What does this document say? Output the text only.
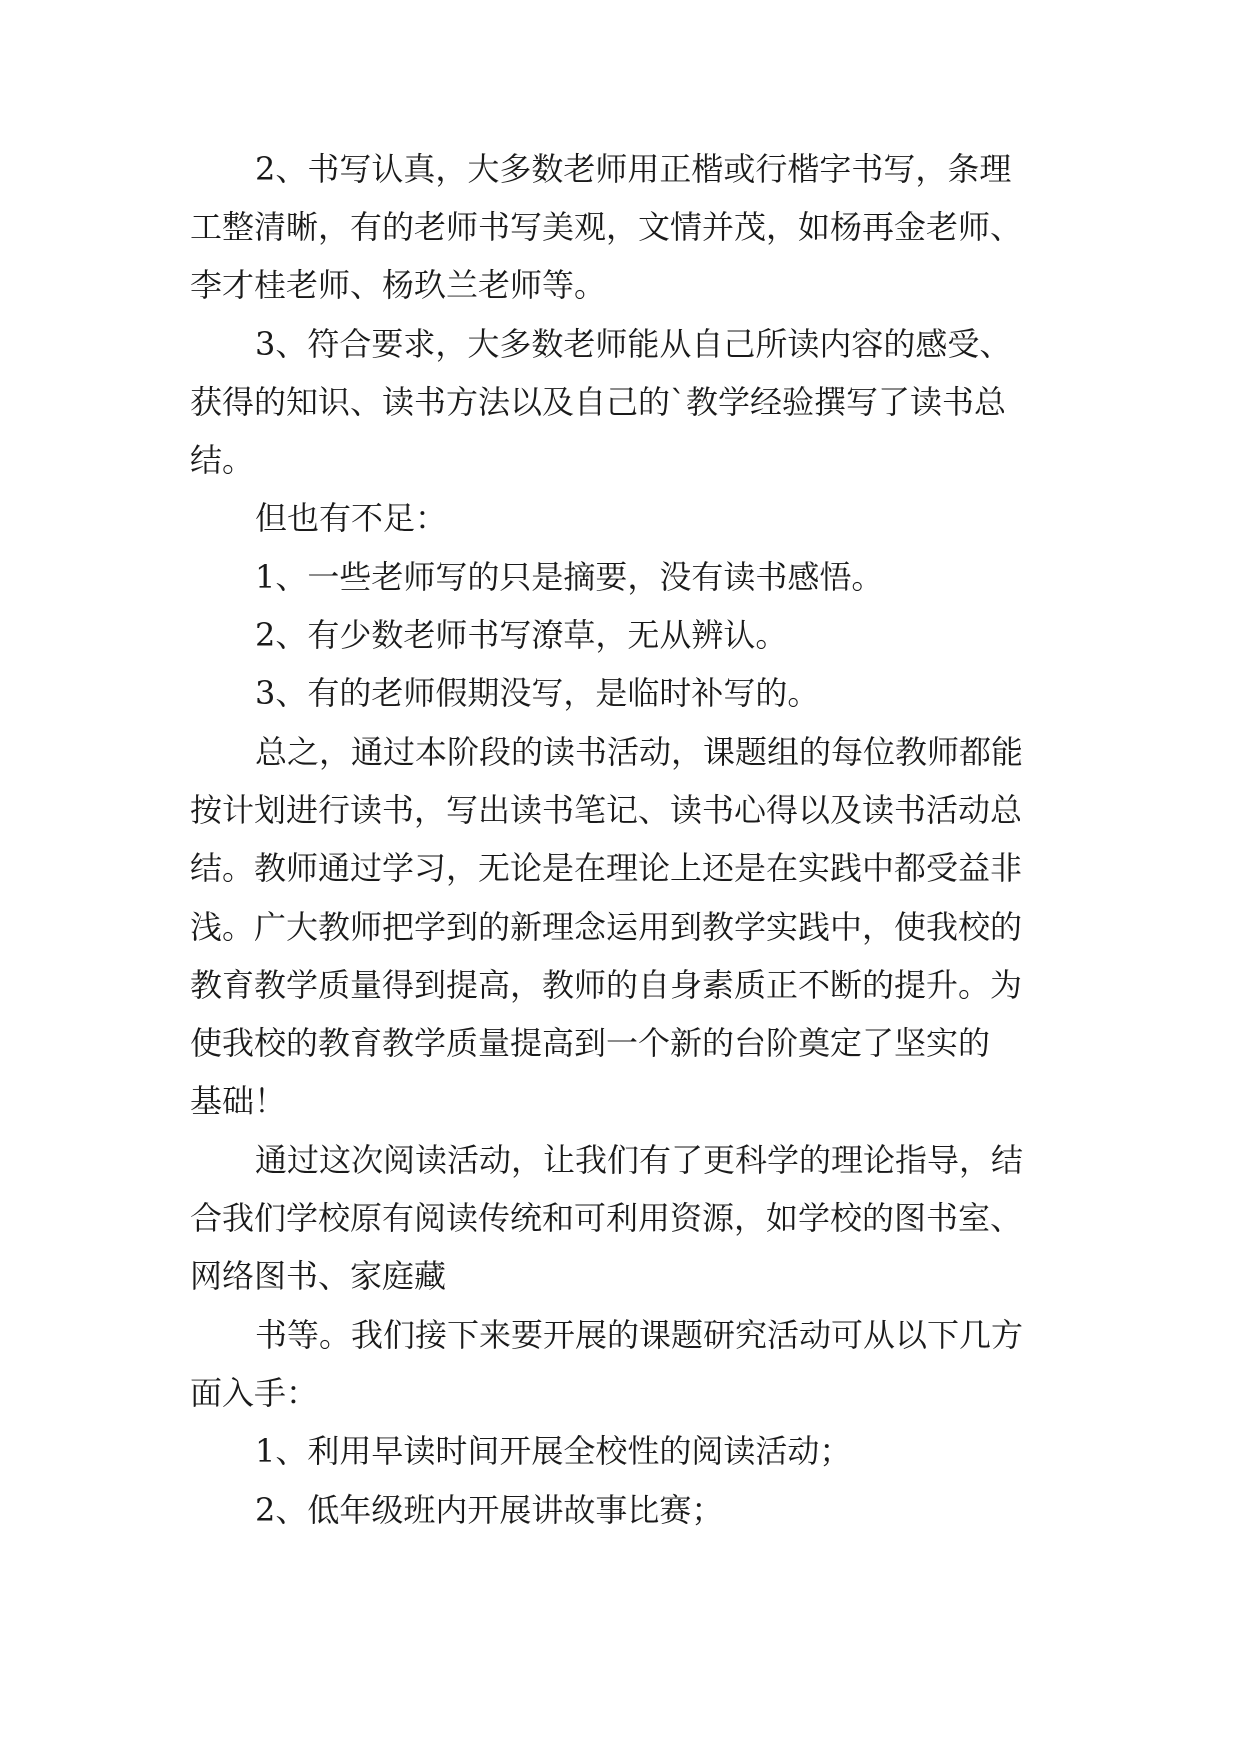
2、书写认真，大多数老师用正楷或行楷字书写，条理
工整清晰，有的老师书写美观，文情并茂，如杨再金老师、
李才桂老师、杨玖兰老师等。
3、符合要求，大多数老师能从自己所读内容的感受、
获得的知识、读书方法以及自己的`教学经验撰写了读书总
结。
但也有不足：
1、一些老师写的只是摘要，没有读书感悟。
2、有少数老师书写潦草，无从辨认。
3、有的老师假期没写，是临时补写的。
总之，通过本阶段的读书活动，课题组的每位教师都能
按计划进行读书，写出读书笔记、读书心得以及读书活动总
结。教师通过学习，无论是在理论上还是在实践中都受益非
浅。广大教师把学到的新理念运用到教学实践中，使我校的
教育教学质量得到提高，教师的自身素质正不断的提升。为
使我校的教育教学质量提高到一个新的台阶奠定了坚实的
基础！
通过这次阅读活动，让我们有了更科学的理论指导，结
合我们学校原有阅读传统和可利用资源，如学校的图书室、
网络图书、家庭藏
书等。我们接下来要开展的课题研究活动可从以下几方
面入手：
1、利用早读时间开展全校性的阅读活动；
2、低年级班内开展讲故事比赛；
